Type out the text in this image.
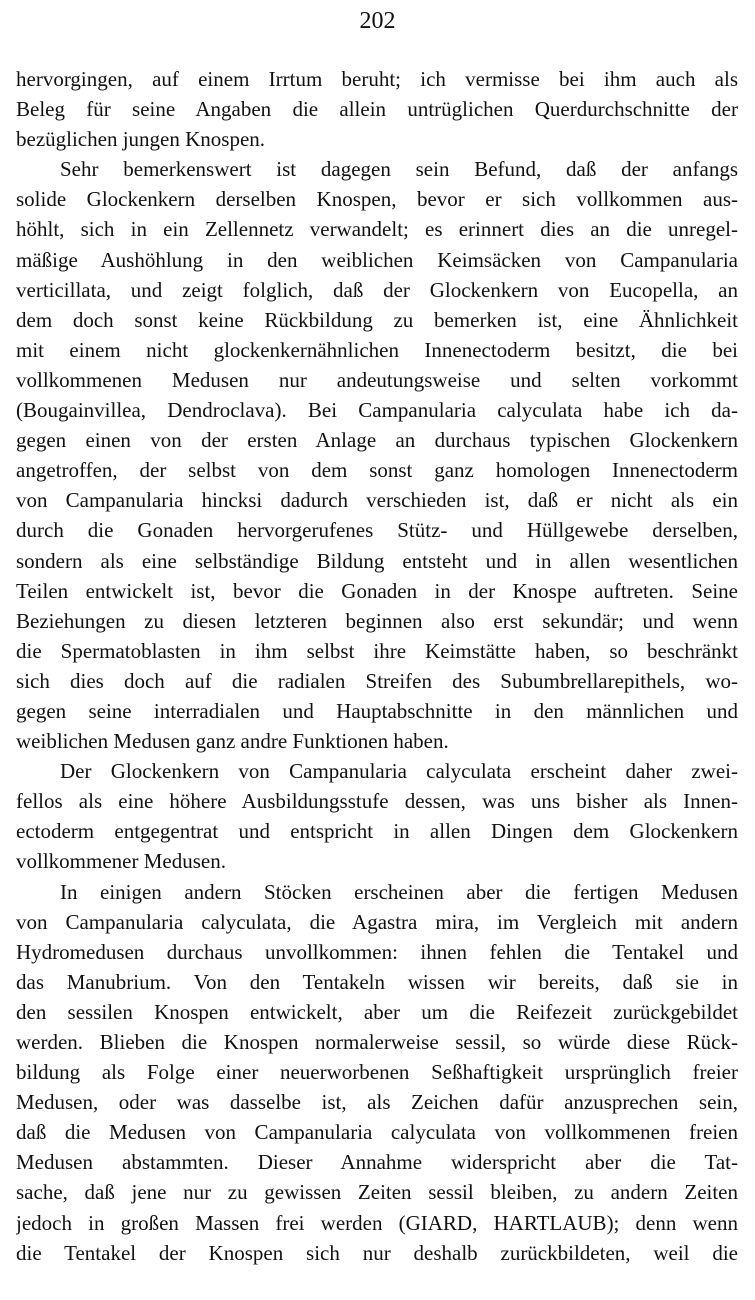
202
hervorgingen, auf einem Irrtum beruht; ich vermisse bei ihm auch als
Beleg für seine Angaben die allein untrüglichen Querdurchschnitte der
bezüglichen jungen Knospen.
Sehr bemerkenswert ist dagegen sein Befund, daß der anfangs
solide Glockenkern derselben Knospen, bevor er sich vollkommen aus-
höhlt, sich in ein Zellennetz verwandelt; es erinnert dies an die unregel-
mäßige Aushöhlung in den weiblichen Keimsäcken von Campanularia
verticillata, und zeigt folglich, daß der Glockenkern von Eucopella, an
dem doch sonst keine Rückbildung zu bemerken ist, eine Ähnlichkeit
mit einem nicht glockenkernähnlichen Innenectoderm besitzt, die bei
vollkommenen Medusen nur andeutungsweise und selten vorkommt
(Bougainvillea, Dendroclava). Bei Campanularia calyculata habe ich da-
gegen einen von der ersten Anlage an durchaus typischen Glockenkern
angetroffen, der selbst von dem sonst ganz homologen Innenectoderm
von Campanularia hincksi dadurch verschieden ist, daß er nicht als ein
durch die Gonaden hervorgerufenes Stütz- und Hüllgewebe derselben,
sondern als eine selbständige Bildung entsteht und in allen wesentlichen
Teilen entwickelt ist, bevor die Gonaden in der Knospe auftreten. Seine
Beziehungen zu diesen letzteren beginnen also erst sekundär; und wenn
die Spermatoblasten in ihm selbst ihre Keimstätte haben, so beschränkt
sich dies doch auf die radialen Streifen des Subumbrellarepithels, wo-
gegen seine interradialen und Hauptabschnitte in den männlichen und
weiblichen Medusen ganz andre Funktionen haben.
Der Glockenkern von Campanularia calyculata erscheint daher zwei-
fellos als eine höhere Ausbildungsstufe dessen, was uns bisher als Innen-
ectoderm entgegentrat und entspricht in allen Dingen dem Glockenkern
vollkommener Medusen.
In einigen andern Stöcken erscheinen aber die fertigen Medusen
von Campanularia calyculata, die Agastra mira, im Vergleich mit andern
Hydromedusen durchaus unvollkommen: ihnen fehlen die Tentakel und
das Manubrium. Von den Tentakeln wissen wir bereits, daß sie in
den sessilen Knospen entwickelt, aber um die Reifezeit zurückgebildet
werden. Blieben die Knospen normalerweise sessil, so würde diese Rück-
bildung als Folge einer neuerworbenen Seßhaftigkeit ursprünglich freier
Medusen, oder was dasselbe ist, als Zeichen dafür anzusprechen sein,
daß die Medusen von Campanularia calyculata von vollkommenen freien
Medusen abstammten. Dieser Annahme widerspricht aber die Tat-
sache, daß jene nur zu gewissen Zeiten sessil bleiben, zu andern Zeiten
jedoch in großen Massen frei werden (GIARD, HARTLAUB); denn wenn
die Tentakel der Knospen sich nur deshalb zurückbildeten, weil die
